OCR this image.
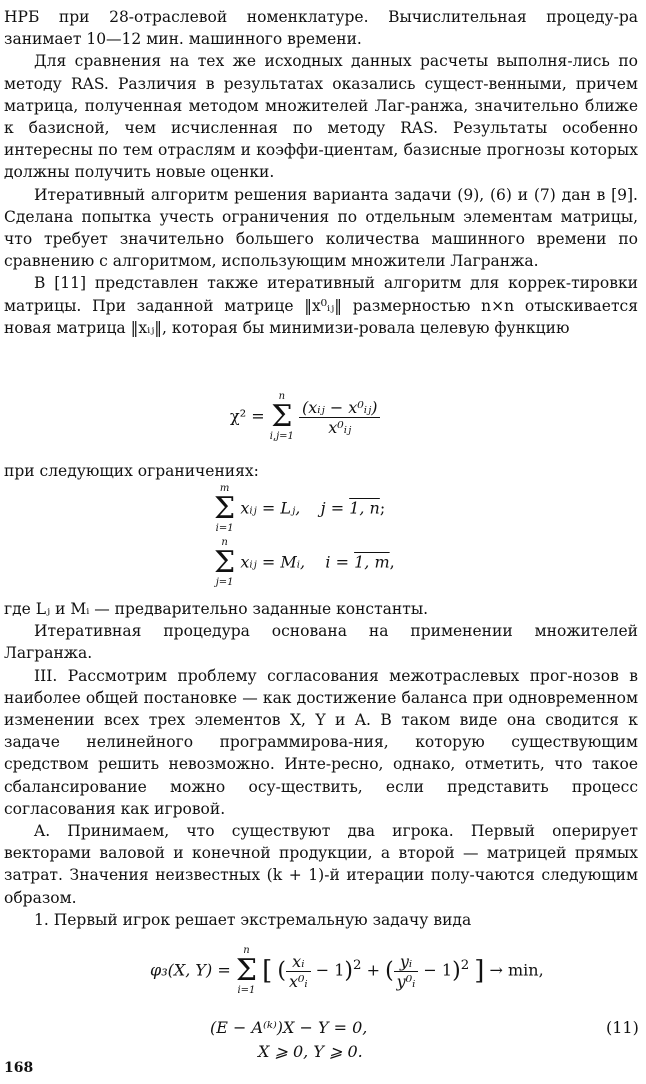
НРБ при 28-отраслевой номенклатуре. Вычислительная процеду-ра занимает 10—12 мин. машинного времени.

Для сравнения на тех же исходных данных расчеты выполня-лись по методу RAS. Различия в результатах оказались сущест-венными, причем матрица, полученная методом множителей Лаг-ранжа, значительно ближе к базисной, чем исчисленная по методу RAS. Результаты особенно интересны по тем отраслям и коэффи-циентам, базисные прогнозы которых должны получить новые оценки.

Итеративный алгоритм решения варианта задачи (9), (6) и (7) дан в [9]. Сделана попытка учесть ограничения по отдельным элементам матрицы, что требует значительно большего количества машинного времени по сравнению с алгоритмом, использующим множители Лагранжа.

В [11] представлен также итеративный алгоритм для коррек-тировки матрицы. При заданной матрице ‖x⁰ᵢⱼ‖ размерностью n×n отыскивается новая матрица ‖xᵢⱼ‖, которая бы минимизи-ровала целевую функцию

χ² =
n
Σ
i,j=1
$\frac{\text{(xᵢⱼ − x⁰ᵢⱼ)}}{\text{x⁰ᵢⱼ}}$

при следующих ограничениях:

m
Σ
i=1
xᵢⱼ = Lⱼ, j = 1, n;
n
Σ
j=1
xᵢⱼ = Mᵢ, i = 1, m,

где Lⱼ и Mᵢ — предварительно заданные константы.

Итеративная процедура основана на применении множителей Лагранжа.

III. Рассмотрим проблему согласования межотраслевых прог-нозов в наиболее общей постановке — как достижение баланса при одновременном изменении всех трех элементов X, Y и A. В таком виде она сводится к задаче нелинейного программирова-ния, которую существующим средством решить невозможно. Инте-ресно, однако, отметить, что такое сбалансирование можно осу-ществить, если представить процесс согласования как игровой.

A. Принимаем, что существуют два игрока. Первый оперирует векторами валовой и конечной продукции, а второй — матрицей прямых затрат. Значения неизвестных (k + 1)-й итерации полу-чаются следующим образом.

1. Первый игрок решает экстремальную задачу вида

φ₃(X, Y) =
n
Σ
i=1
[ ( $\frac{\text{xᵢ}}{\text{x⁰ᵢ}} - 1)^2$ + ( $\frac{\text{yᵢ}}{\text{y⁰ᵢ}} - 1)^2$ ] → min,
(E − A⁽ᵏ⁾)X − Y = 0,	(11)
X ⩾ 0, Y ⩾ 0.
168
